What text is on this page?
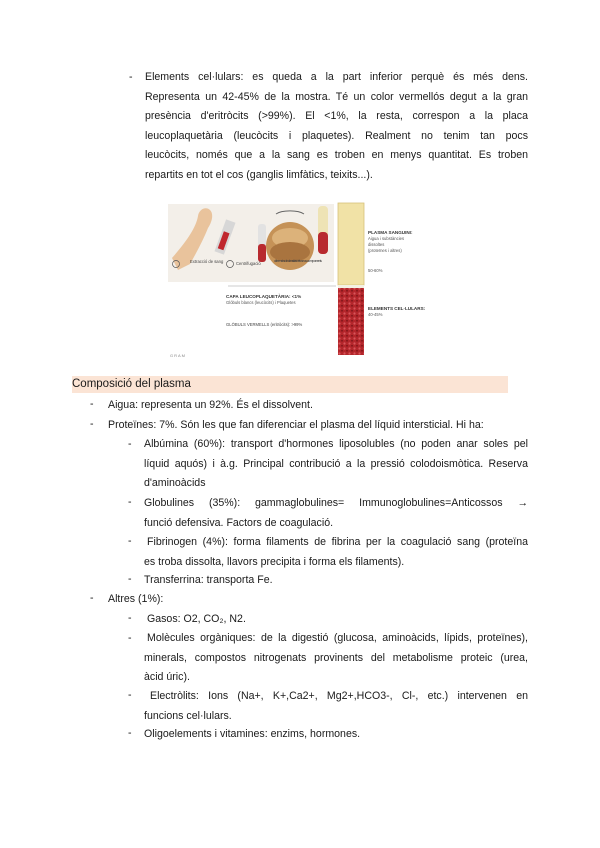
- Elements cel·lulars: es queda a la part inferior perquè és més dens.
Representa un 42-45% de la mostra. Té un color vermellós degut a la gran
presència d'eritròcits (>99%). El <1%, la resta, correspon a la placa
leucoplaquetària (leucòcits i plaquetes). Realment no tenim tan pocs
leucòcits, només que a la sang es troben en menys quantitat. Es troben
repartits en tot el cos (ganglis limfàtics, teixits...).
Extracció de sang	Centrifugació
diferencia de densitat dels seus components
PLASMA SANGUINI:
Aigua i substàncies
dissoltes
(proteïnes i altres)
50-60%
ELEMENTS CEL·LULARS:
40-45%
CAPA LEUCOPLAQUETÀRIA: <1%
Glòbuls blancs (leucòcits) i Plaquetes
GLÒBULS VERMELLS (eritròcits): >99%
GRAM
Composició del plasma
- Aigua: representa un 92%. És el dissolvent.
- Proteïnes: 7%. Són les que fan diferenciar el plasma del líquid intersticial. Hi ha:
- Albúmina (60%): transport d'hormones liposolubles (no poden anar soles pel
líquid aquós) i à.g. Principal contribució a la pressió colodoismòtica. Reserva
d'aminoàcids
- Globulines (35%): gammaglobulines= Immunoglobulines=Anticossos →
funció defensiva. Factors de coagulació.
- Fibrinogen (4%): forma filaments de fibrina per la coagulació sang (proteïna
es troba dissolta, llavors precipita i forma els filaments).
- Transferrina: transporta Fe.
- Altres (1%):
- Gasos: O2, CO₂, N2.
- Molècules orgàniques: de la digestió (glucosa, aminoàcids, lípids, proteïnes),
minerals, compostos nitrogenats provinents del metabolisme proteic (urea,
àcid úric).
- Electròlits: Ions (Na+, K+,Ca2+, Mg2+,HCO3-, Cl-, etc.) intervenen en
funcions cel·lulars.
- Oligoelements i vitamines: enzims, hormones.
